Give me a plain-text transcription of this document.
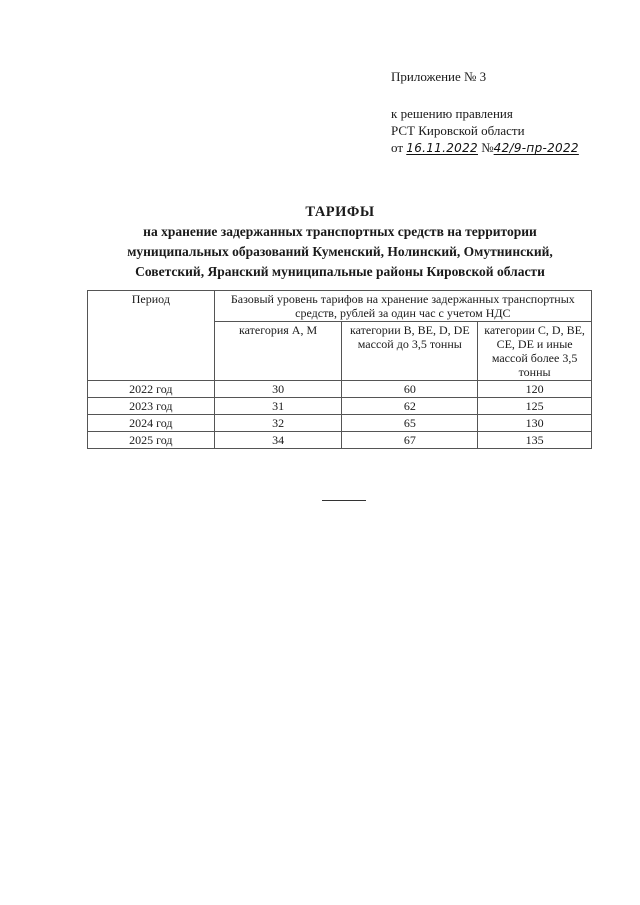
Приложение № 3
к решению правления
РСТ Кировской области
от 16.11.2022 №42/9-пр-2022
ТАРИФЫ
на хранение задержанных транспортных средств на территории
муниципальных образований Кумeнский, Нолинский, Омутнинский,
Советский, Яранский муниципальные районы Кировской области
Период	Базовый уровень тарифов на хранение задержанных транспортных средств, рублей за один час с учетом НДС		
	категория A, M	категории B, BE, D, DE массой до 3,5 тонны	категории C, D, BE, CE, DE и иные массой более 3,5 тонны
2022 год	30	60	120
2023 год	31	62	125
2024 год	32	65	130
2025 год	34	67	135
